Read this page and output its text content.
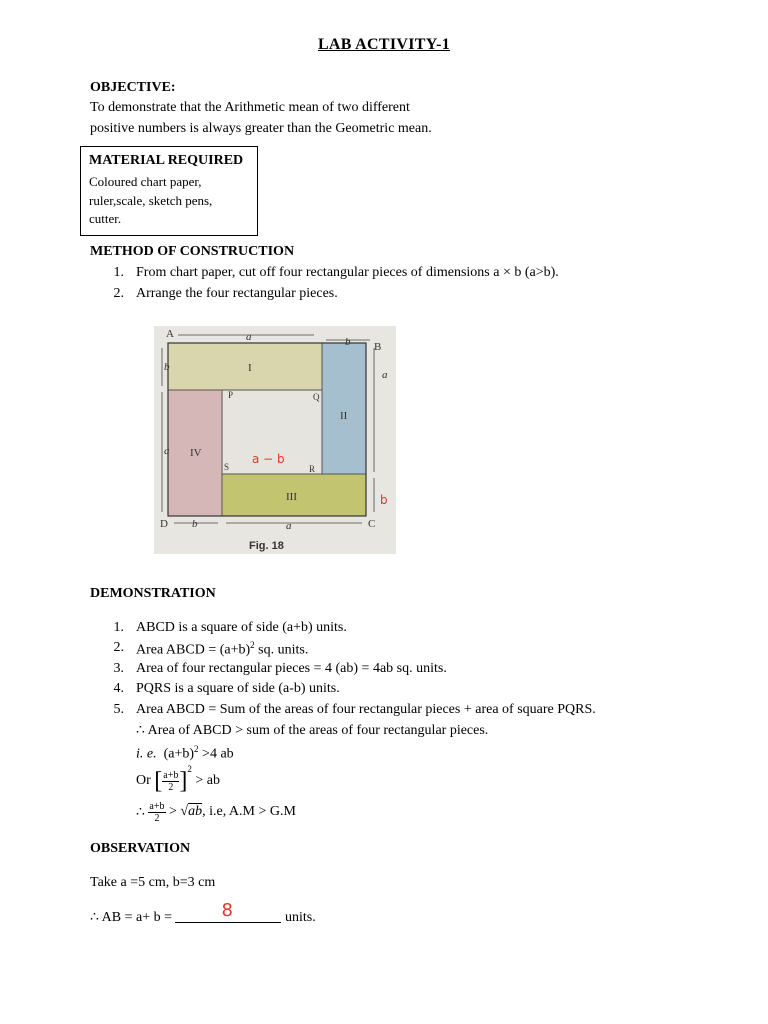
LAB ACTIVITY-1
OBJECTIVE:
To demonstrate that the Arithmetic mean of two different
positive numbers is always greater than the Geometric mean.
MATERIAL REQUIRED
Coloured chart paper,
ruler,scale, sketch pens,
cutter.
METHOD OF CONSTRUCTION
1. From chart paper, cut off four rectangular pieces of dimensions a × b (a>b).
2. Arrange the four rectangular pieces.
A
B
C
D
P	Q
R
S
I
II
III
IV
a	b
b
a
a
b	a
Fig. 18
a − b
b
DEMONSTRATION
1. ABCD is a square of side (a+b) units.
2. Area ABCD = $(a+b)^2$ sq. units.
3. Area of four rectangular pieces = 4 (ab) = 4ab sq. units.
4. PQRS is a square of side (a-b) units.
5. Area ABCD = Sum of the areas of four rectangular pieces + area of square PQRS.
∴ Area of ABCD > sum of the areas of four rectangular pieces.
i. e. $(a+b)^2 >4$ ab
Or
[ $\frac{a+b}{2} ]^2$

> ab
∴
$\frac{a+b}{2}$
>
√ ab , i.e, A.M > G.M
OBSERVATION
Take a =5 cm, b=3 cm
∴ AB = a+ b =	8	units.
